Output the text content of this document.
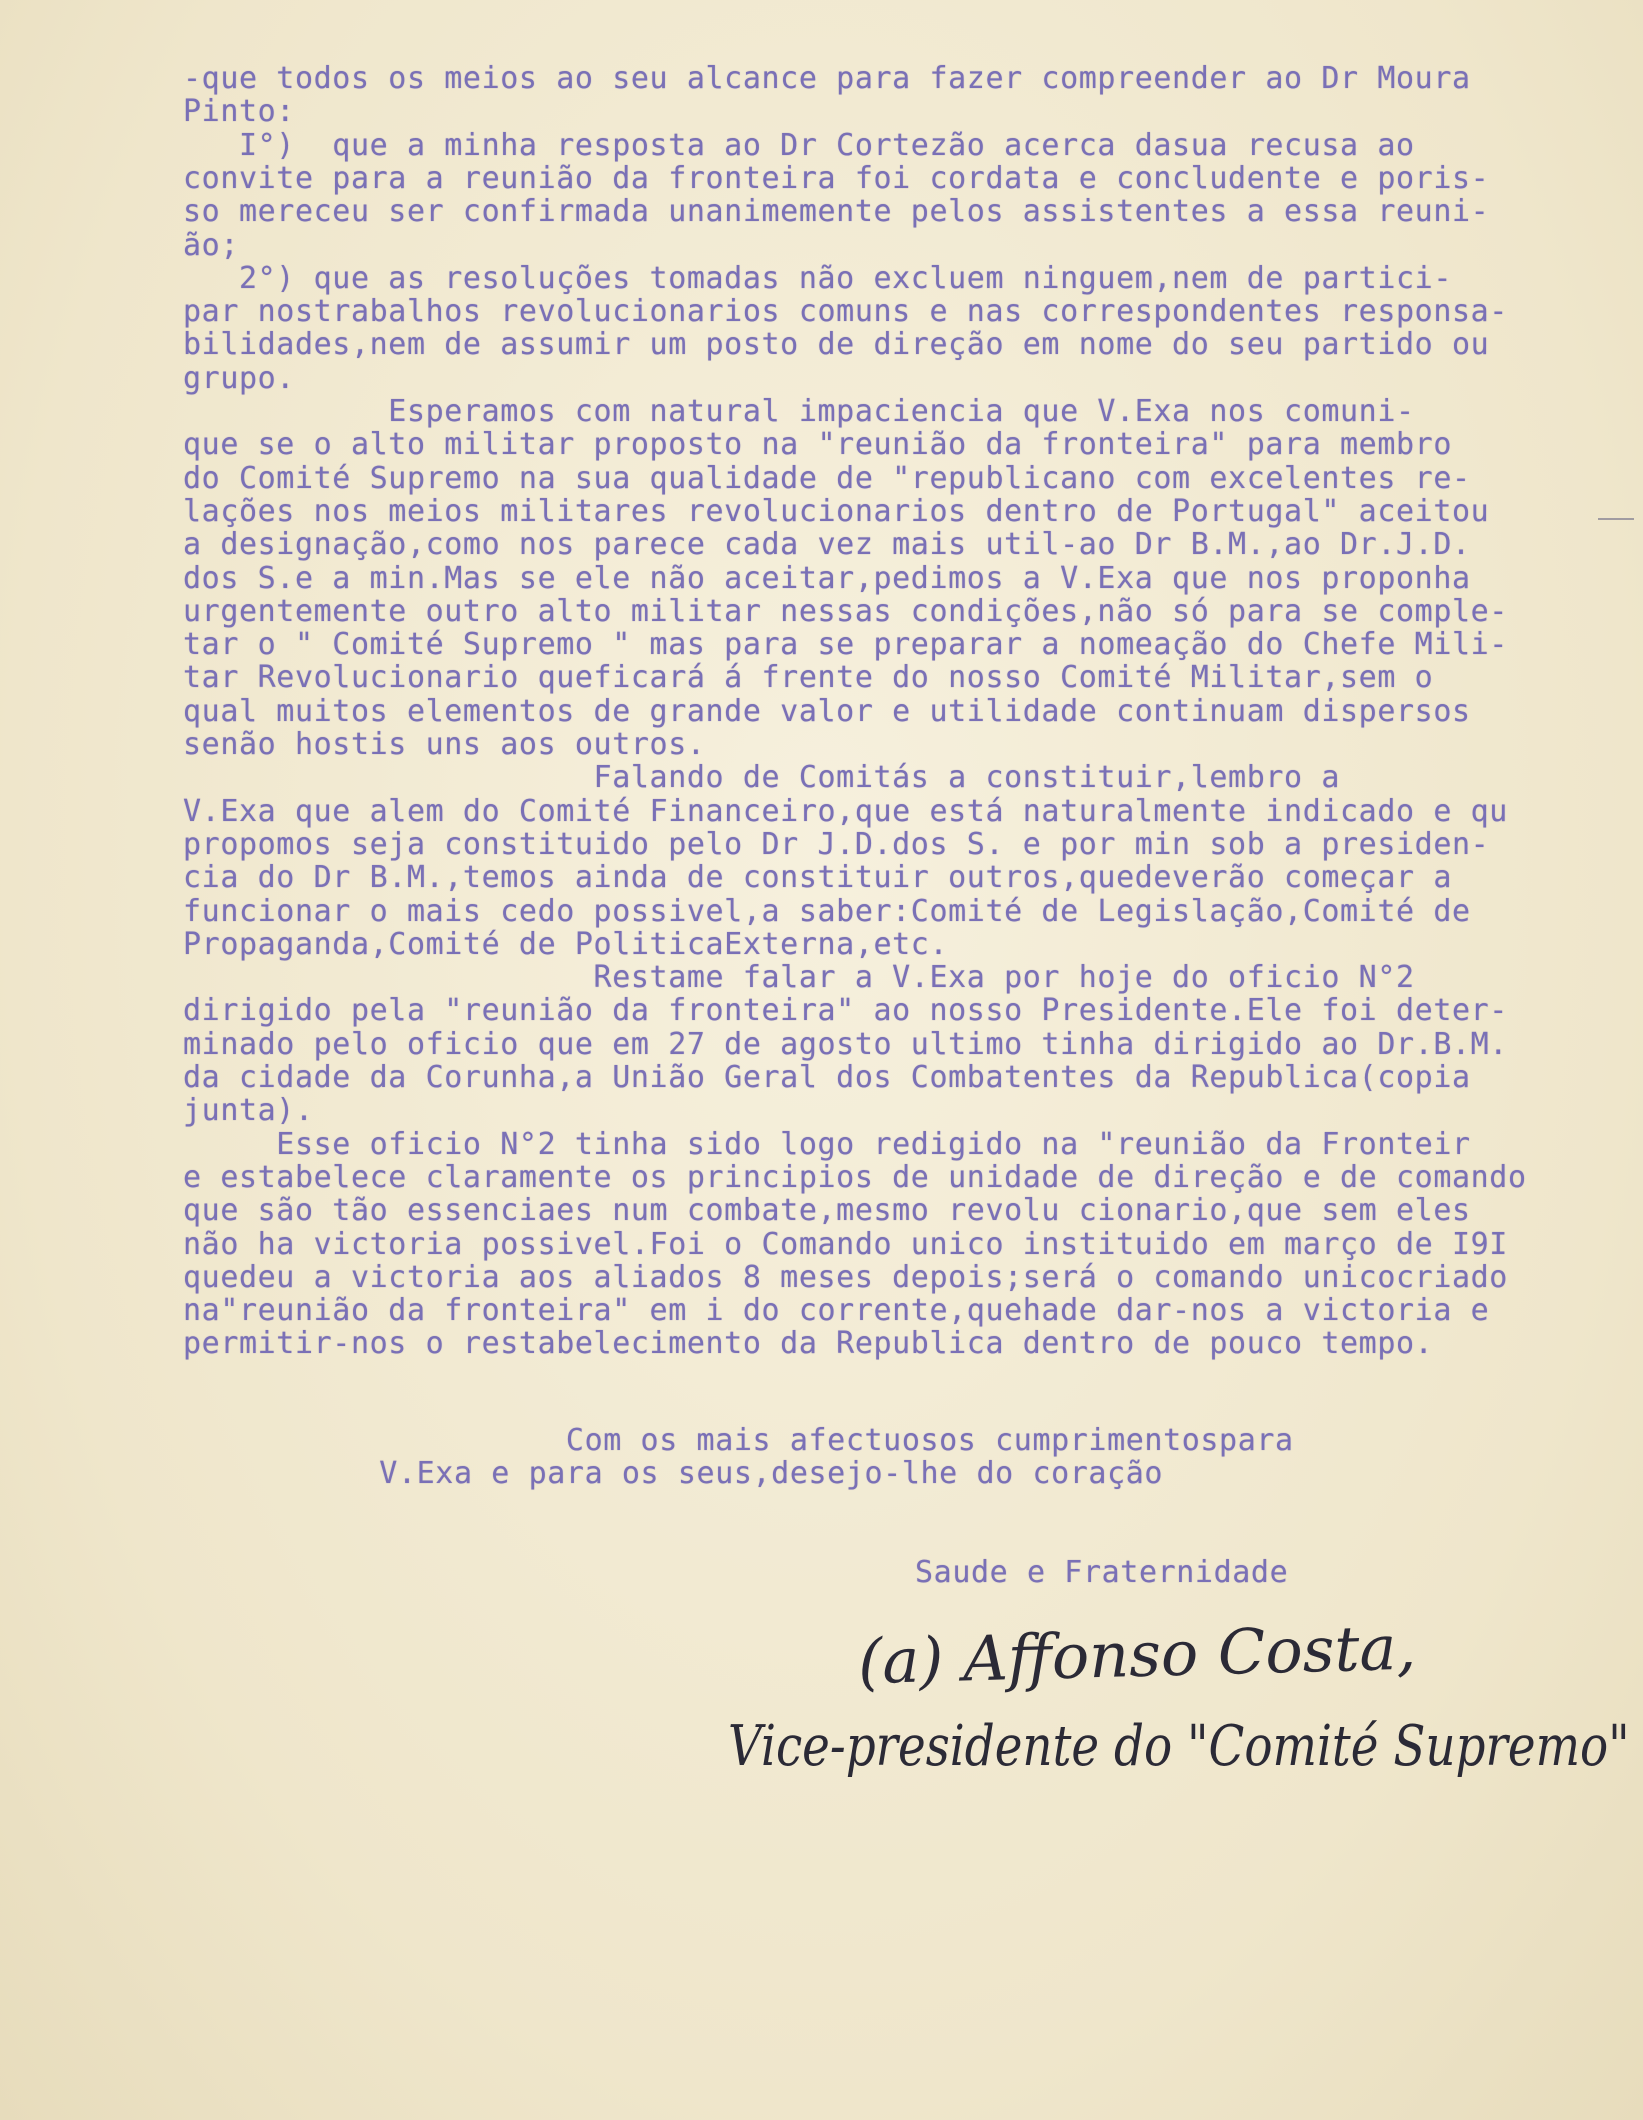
-que todos os meios ao seu alcance para fazer compreender ao Dr Moura
Pinto:
I°)  que a minha resposta ao Dr Cortezão acerca dasua recusa ao
convite para a reunião da fronteira foi cordata e concludente e poris-
so mereceu ser confirmada unanimemente pelos assistentes a essa reuni-
ão;
2°) que as resoluções tomadas não excluem ninguem,nem de partici-
par nostrabalhos revolucionarios comuns e nas correspondentes responsa-
bilidades,nem de assumir um posto de direção em nome do seu partido ou
grupo.
Esperamos com natural impaciencia que V.Exa nos comuni-
que se o alto militar proposto na "reunião da fronteira" para membro
do Comité Supremo na sua qualidade de "republicano com excelentes re-
lações nos meios militares revolucionarios dentro de Portugal" aceitou
a designação,como nos parece cada vez mais util-ao Dr B.M.,ao Dr.J.D.
dos S.e a min.Mas se ele não aceitar,pedimos a V.Exa que nos proponha
urgentemente outro alto militar nessas condições,não só para se comple-
tar o " Comité Supremo " mas para se preparar a nomeação do Chefe Mili-
tar Revolucionario queficará á frente do nosso Comité Militar,sem o
qual muitos elementos de grande valor e utilidade continuam dispersos
senão hostis uns aos outros.
Falando de Comitás a constituir,lembro a
V.Exa que alem do Comité Financeiro,que está naturalmente indicado e qu
propomos seja constituido pelo Dr J.D.dos S. e por min sob a presiden-
cia do Dr B.M.,temos ainda de constituir outros,quedeverão começar a
funcionar o mais cedo possivel,a saber:Comité de Legislação,Comité de
Propaganda,Comité de PoliticaExterna,etc.
Restame falar a V.Exa por hoje do oficio N°2
dirigido pela "reunião da fronteira" ao nosso Presidente.Ele foi deter-
minado pelo oficio que em 27 de agosto ultimo tinha dirigido ao Dr.B.M.
da cidade da Corunha,a União Geral dos Combatentes da Republica(copia
junta).
Esse oficio N°2 tinha sido logo redigido na "reunião da Fronteir
e estabelece claramente os principios de unidade de direção e de comando
que são tão essenciaes num combate,mesmo revolu cionario,que sem eles
não ha victoria possivel.Foi o Comando unico instituido em março de I9I
quedeu a victoria aos aliados 8 meses depois;será o comando unicocriado
na"reunião da fronteira" em i do corrente,quehade dar-nos a victoria e
permitir-nos o restabelecimento da Republica dentro de pouco tempo.
Com os mais afectuosos cumprimentospara
V.Exa e para os seus,desejo-lhe do coração
Saude e Fraternidade
(a) Affonso Costa,
Vice-presidente do "Comité Supremo"
